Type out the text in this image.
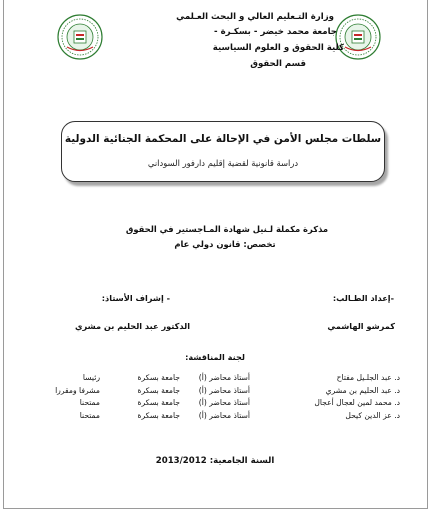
وزارة التـعليم العالي و البحث العـلمي
جامعة محمد خيضر - بسكـرة -
كلية الحقوق و العلوم السياسية
قسم الحقوق
سلطات مجلس الأمن في الإحالة على المحكمة الجنائية الدولية
دراسة قانونية لقضية إقليم دارفور السوداني
مذكرة مكملة لـنيل شهادة المـاجستير في الحقوق
تخصص: قانون دولي عام
-إعداد الطـالب:
- إشراف الأستاذ:
كمرشو الهاشمي
الدكتور عبد الحليم بن مشري
لجنة المناقشة:
د. عبد الجلـيل مفتاح
أستاذ محاضر (أ)
جامعة بسكرة
رئيسا
د. عبد الحليم بن مشري
أستاذ محاضر (أ)
جامعة بسكرة
مشرفا ومقررا
د. محمد لمين لعجال أعجال
أستاذ محاضر (أ)
جامعة بسكرة
ممتحنا
د. عز الدين كيحل
أستاذ محاضر (أ)
جامعة بسكرة
ممتحنا
السنة الجامعية: 2013/2012
